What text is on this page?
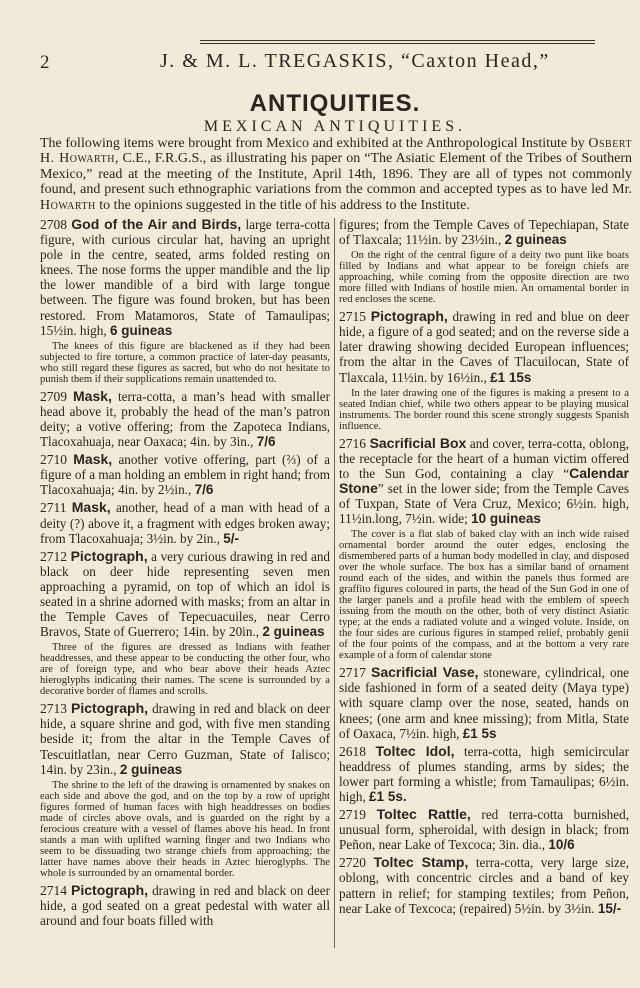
2	J. & M. L. TREGASKIS, “Caxton Head,”
ANTIQUITIES.
MEXICAN ANTIQUITIES.
The following items were brought from Mexico and exhibited at the Anthropological Institute by Osbert H. Howarth, C.E., F.R.G.S., as illustrating his paper on “The Asiatic Element of the Tribes of Southern Mexico,” read at the meeting of the Institute, April 14th, 1896. They are all of types not commonly found, and present such ethnographic variations from the common and accepted types as to have led Mr. Howarth to the opinions suggested in the title of his address to the Institute.
2708 God of the Air and Birds, large terra-cotta figure, with curious circular hat, having an upright pole in the centre, seated, arms folded resting on knees. The nose forms the upper mandible and the lip the lower mandible of a bird with large tongue between. The figure was found broken, but has been restored. From Matamoros, State of Tamaulipas; 15½in. high, 6 guineas
The knees of this figure are blackened as if they had been subjected to fire torture, a common practice of later-day peasants, who still regard these figures as sacred, but who do not hesitate to punish them if their supplications remain unattended to.
2709 Mask, terra-cotta, a man’s head with smaller head above it, probably the head of the man’s patron deity; a votive offering; from the Zapoteca Indians, Tlacoxahuaja, near Oaxaca; 4in. by 3in., 7/6
2710 Mask, another votive offering, part (⅔) of a figure of a man holding an emblem in right hand; from Tlacoxahuaja; 4in. by 2½in., 7/6
2711 Mask, another, head of a man with head of a deity (?) above it, a fragment with edges broken away; from Tlacoxahuaja; 3½in. by 2in., 5/-
2712 Pictograph, a very curious drawing in red and black on deer hide representing seven men approaching a pyramid, on top of which an idol is seated in a shrine adorned with masks; from an altar in the Temple Caves of Tepecuacuiles, near Cerro Bravos, State of Guerrero; 14in. by 20in., 2 guineas
Three of the figures are dressed as Indians with feather headdresses, and these appear to be conducting the other four, who are of foreign type, and who bear above their heads Aztec hieroglyphs indicating their names. The scene is surrounded by a decorative border of flames and scrolls.
2713 Pictograph, drawing in red and black on deer hide, a square shrine and god, with five men standing beside it; from the altar in the Temple Caves of Tescuitlatlan, near Cerro Guzman, State of Ialisco; 14in. by 23in., 2 guineas
The shrine to the left of the drawing is ornamented by snakes on each side and above the god, and on the top by a row of upright figures formed of human faces with high headdresses on bodies made of circles above ovals, and is guarded on the right by a ferocious creature with a vessel of flames above his head. In front stands a man with uplifted warning finger and two Indians who seem to be dissuading two strange chiefs from approaching; the latter have names above their heads in Aztec hieroglyphs. The whole is surrounded by an ornamental border.
2714 Pictograph, drawing in red and black on deer hide, a god seated on a great pedestal with water all around and four boats filled with
figures; from the Temple Caves of Tepechiapan, State of Tlaxcala; 11½in. by 23½in., 2 guineas
On the right of the central figure of a deity two punt like boats filled by Indians and what appear to be foreign chiefs are approaching, while coming from the opposite direction are two more filled with Indians of hostile mien. An ornamental border in red encloses the scene.
2715 Pictograph, drawing in red and blue on deer hide, a figure of a god seated; and on the reverse side a later drawing showing decided European influences; from the altar in the Caves of Tlacuilocan, State of Tlaxcala, 11½in. by 16½in., £1 15s
In the later drawing one of the figures is making a present to a seated Indian chief, while two others appear to be playing musical instruments. The border round this scene strongly suggests Spanish influence.
2716 Sacrificial Box and cover, terra-cotta, oblong, the receptacle for the heart of a human victim offered to the Sun God, containing a clay “Calendar Stone” set in the lower side; from the Temple Caves of Tuxpan, State of Vera Cruz, Mexico; 6½in. high, 11½in.long, 7½in. wide; 10 guineas
The cover is a flat slab of baked clay with an inch wide raised ornamental border around the outer edges, enclosing the dismembered parts of a human body modelled in clay, and disposed over the whole surface. The box has a similar band of ornament round each of the sides, and within the panels thus formed are graffito figures coloured in parts, the head of the Sun God in one of the larger panels and a profile head with the emblem of speech issuing from the mouth on the other, both of very distinct Asiatic type; at the ends a radiated volute and a winged volute. Inside, on the four sides are curious figures in stamped relief, probably genii of the four points of the compass, and at the bottom a very rare example of a form of calendar stone
2717 Sacrificial Vase, stoneware, cylindrical, one side fashioned in form of a seated deity (Maya type) with square clamp over the nose, seated, hands on knees; (one arm and knee missing); from Mitla, State of Oaxaca, 7½in. high, £1 5s
2618 Toltec Idol, terra-cotta, high semicircular headdress of plumes standing, arms by sides; the lower part forming a whistle; from Tamaulipas; 6½in. high, £1 5s.
2719 Toltec Rattle, red terra-cotta burnished, unusual form, spheroidal, with design in black; from Peñon, near Lake of Texcoca; 3in. dia., 10/6
2720 Toltec Stamp, terra-cotta, very large size, oblong, with concentric circles and a band of key pattern in relief; for stamping textiles; from Peñon, near Lake of Texcoca; (repaired) 5½in. by 3½in. 15/-
